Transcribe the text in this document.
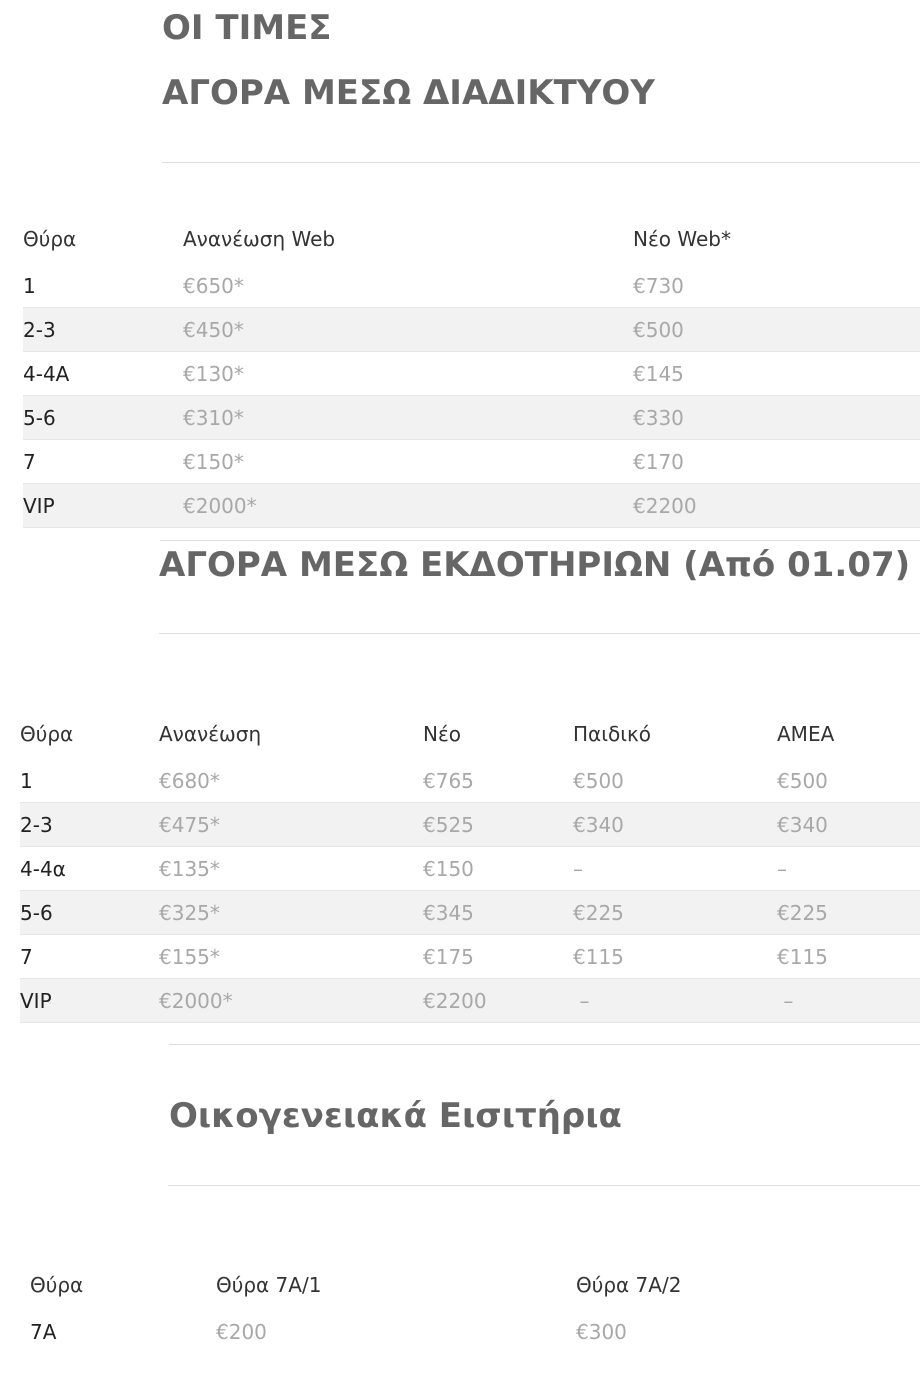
ΟΙ ΤΙΜΕΣ
ΑΓΟΡΑ ΜΕΣΩ ΔΙΑΔΙΚΤΥΟΥ
Θύρα	Ανανέωση Web	Νέο Web*
1	€650*	€730
2-3	€450*	€500
4-4Α	€130*	€145
5-6	€310*	€330
7	€150*	€170
VIP	€2000*	€2200
ΑΓΟΡΑ ΜΕΣΩ ΕΚΔΟΤΗΡΙΩΝ (Από 01.07)
Θύρα	Ανανέωση	Νέο	Παιδικό	ΑΜΕΑ
1	€680*	€765	€500	€500
2-3	€475*	€525	€340	€340
4-4α	€135*	€150	–	–
5-6	€325*	€345	€225	€225
7	€155*	€175	€115	€115
VIP	€2000*	€2200	–	–
Οικογενειακά Εισιτήρια
Θύρα	Θύρα 7Α/1	Θύρα 7Α/2
7Α	€200	€300
